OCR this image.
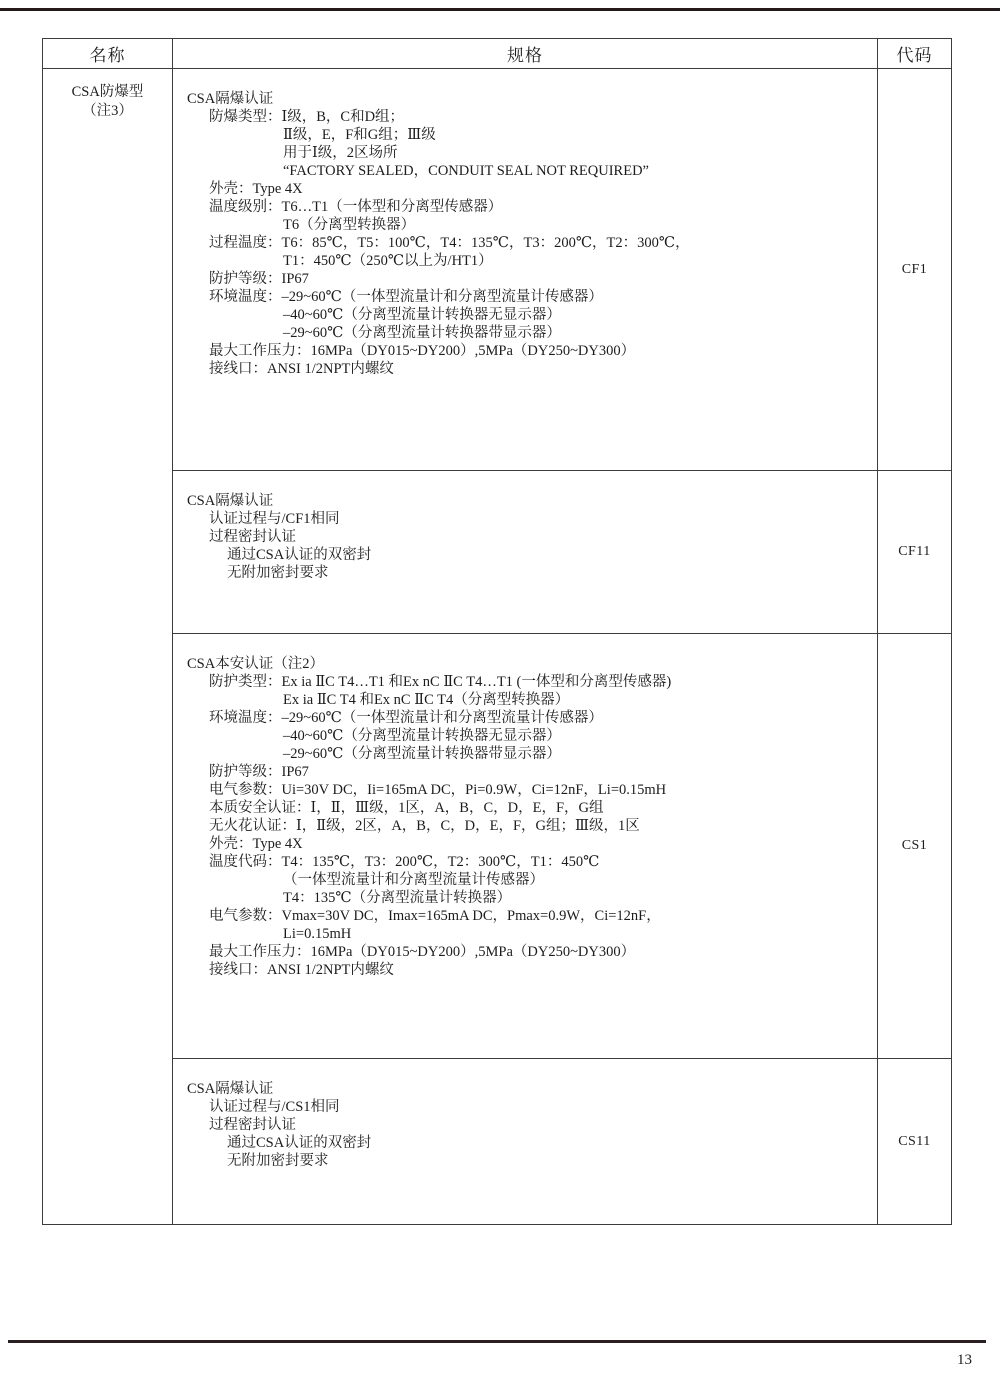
名称	规格	代码
CSA防爆型
（注3）
CSA隔爆认证
防爆类型：Ⅰ级，B，C和D组；
Ⅱ级，E，F和G组；Ⅲ级
用于Ⅰ级，2区场所
“FACTORY SEALED，CONDUIT SEAL NOT REQUIRED”
外壳：Type 4X
温度级别：T6…T1（一体型和分离型传感器）
T6（分离型转换器）
过程温度：T6：85℃，T5：100℃，T4：135℃，T3：200℃，T2：300℃，
T1：450℃（250℃以上为/HT1）
防护等级：IP67
环境温度：–29~60℃（一体型流量计和分离型流量计传感器）
–40~60℃（分离型流量计转换器无显示器）
–29~60℃（分离型流量计转换器带显示器）
最大工作压力：16MPa（DY015~DY200）,5MPa（DY250~DY300）
接线口：ANSI 1/2NPT内螺纹
CF1
CSA隔爆认证
认证过程与/CF1相同
过程密封认证
通过CSA认证的双密封
无附加密封要求
CF11
CSA本安认证（注2）
防护类型：Ex ia ⅡC T4…T1 和Ex nC ⅡC T4…T1 (一体型和分离型传感器)
Ex ia ⅡC T4 和Ex nC ⅡC T4（分离型转换器）
环境温度：–29~60℃（一体型流量计和分离型流量计传感器）
–40~60℃（分离型流量计转换器无显示器）
–29~60℃（分离型流量计转换器带显示器）
防护等级：IP67
电气参数：Ui=30V DC，Ii=165mA DC，Pi=0.9W，Ci=12nF，Li=0.15mH
本质安全认证：Ⅰ，Ⅱ，Ⅲ级，1区，A，B，C，D，E，F，G组
无火花认证：Ⅰ，Ⅱ级，2区，A，B，C，D，E，F，G组；Ⅲ级，1区
外壳：Type 4X
温度代码：T4：135℃，T3：200℃，T2：300℃，T1：450℃
（一体型流量计和分离型流量计传感器）
T4：135℃（分离型流量计转换器）
电气参数：Vmax=30V DC，Imax=165mA DC，Pmax=0.9W，Ci=12nF，
Li=0.15mH
最大工作压力：16MPa（DY015~DY200）,5MPa（DY250~DY300）
接线口：ANSI 1/2NPT内螺纹
CS1
CSA隔爆认证
认证过程与/CS1相同
过程密封认证
通过CSA认证的双密封
无附加密封要求
CS11
13
